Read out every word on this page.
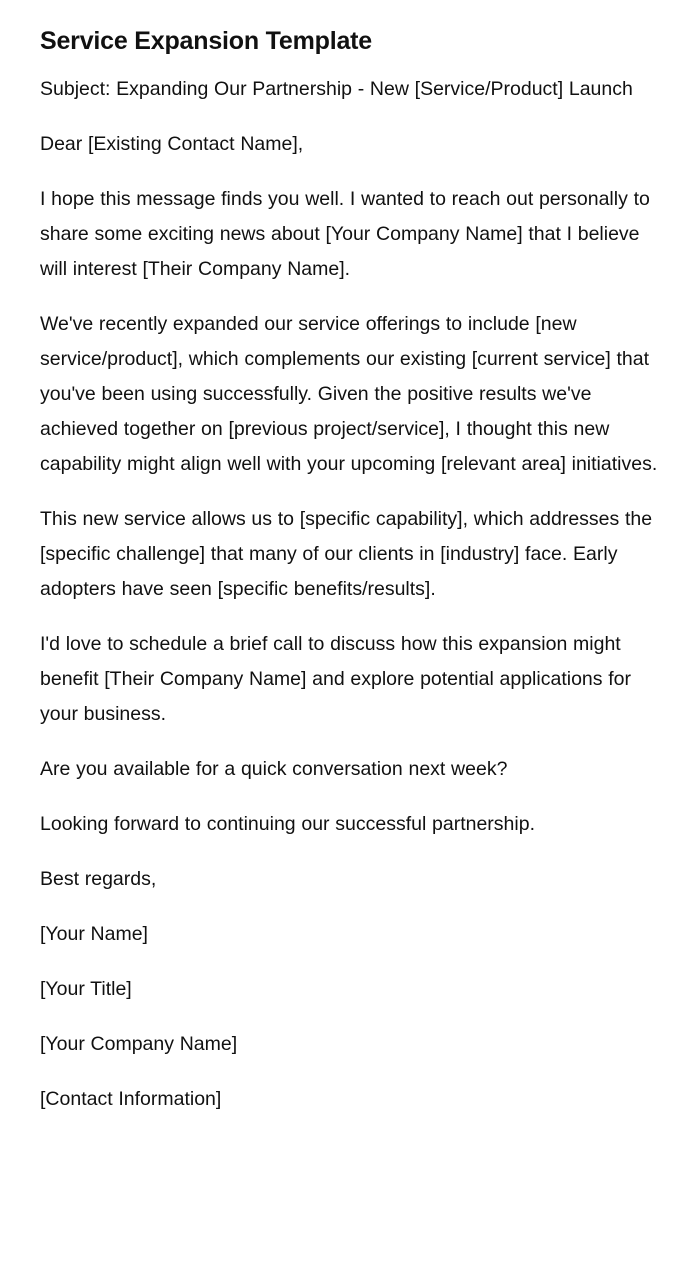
Service Expansion Template

Subject: Expanding Our Partnership - New [Service/Product] Launch

Dear [Existing Contact Name],

I hope this message finds you well. I wanted to reach out personally to share some exciting news about [Your Company Name] that I believe will interest [Their Company Name].

We've recently expanded our service offerings to include [new service/product], which complements our existing [current service] that you've been using successfully. Given the positive results we've achieved together on [previous project/service], I thought this new capability might align well with your upcoming [relevant area] initiatives.

This new service allows us to [specific capability], which addresses the [specific challenge] that many of our clients in [industry] face. Early adopters have seen [specific benefits/results].

I'd love to schedule a brief call to discuss how this expansion might benefit [Their Company Name] and explore potential applications for your business.

Are you available for a quick conversation next week?

Looking forward to continuing our successful partnership.

Best regards,

[Your Name]

[Your Title]

[Your Company Name]

[Contact Information]
